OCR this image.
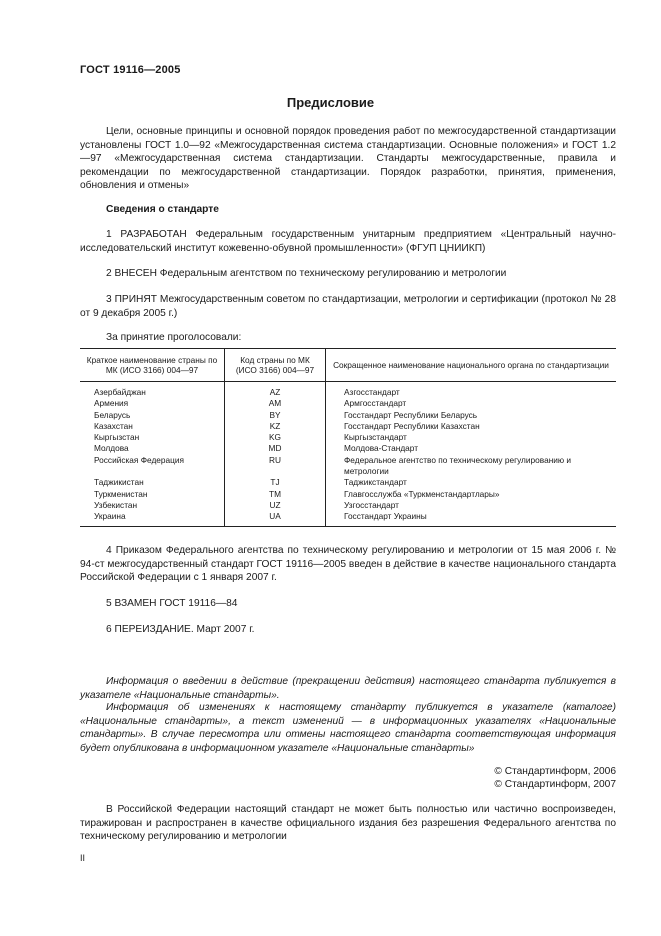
ГОСТ 19116—2005
Предисловие
Цели, основные принципы и основной порядок проведения работ по межгосударственной стандартизации установлены ГОСТ 1.0—92 «Межгосударственная система стандартизации. Основные положения» и ГОСТ 1.2—97 «Межгосударственная система стандартизации. Стандарты межгосударственные, правила и рекомендации по межгосударственной стандартизации. Порядок разработки, принятия, применения, обновления и отмены»
Сведения о стандарте
1 РАЗРАБОТАН Федеральным государственным унитарным предприятием «Центральный научно-исследовательский институт кожевенно-обувной промышленности» (ФГУП ЦНИИКП)
2 ВНЕСЕН Федеральным агентством по техническому регулированию и метрологии
3 ПРИНЯТ Межгосударственным советом по стандартизации, метрологии и сертификации (протокол № 28 от 9 декабря 2005 г.)
За принятие проголосовали:
Краткое наименование страны по МК (ИСО 3166) 004—97	Код страны по МК (ИСО 3166) 004—97	Сокращенное наименование национального органа по стандартизации
Азербайджан	AZ	Азгосстандарт
Армения	AM	Армгосстандарт
Беларусь	BY	Госстандарт Республики Беларусь
Казахстан	KZ	Госстандарт Республики Казахстан
Кыргызстан	KG	Кыргызстандарт
Молдова	MD	Молдова-Стандарт
Российская Федерация	RU	Федеральное агентство по техническому регулированию и метрологии
Таджикистан	TJ	Таджикстандарт
Туркменистан	TM	Главгосслужба «Туркменстандартлары»
Узбекистан	UZ	Узгосстандарт
Украина	UA	Госстандарт Украины
4 Приказом Федерального агентства по техническому регулированию и метрологии от 15 мая 2006 г. № 94-ст межгосударственный стандарт ГОСТ 19116—2005 введен в действие в качестве национального стандарта Российской Федерации с 1 января 2007 г.
5 ВЗАМЕН ГОСТ 19116—84
6 ПЕРЕИЗДАНИЕ. Март 2007 г.
Информация о введении в действие (прекращении действия) настоящего стандарта публикуется в указателе «Национальные стандарты».
Информация об изменениях к настоящему стандарту публикуется в указателе (каталоге) «Национальные стандарты», а текст изменений — в информационных указателях «Национальные стандарты». В случае пересмотра или отмены настоящего стандарта соответствующая информация будет опубликована в информационном указателе «Национальные стандарты»
© Стандартинформ, 2006
© Стандартинформ, 2007
В Российской Федерации настоящий стандарт не может быть полностью или частично воспроизведен, тиражирован и распространен в качестве официального издания без разрешения Федерального агентства по техническому регулированию и метрологии
II
